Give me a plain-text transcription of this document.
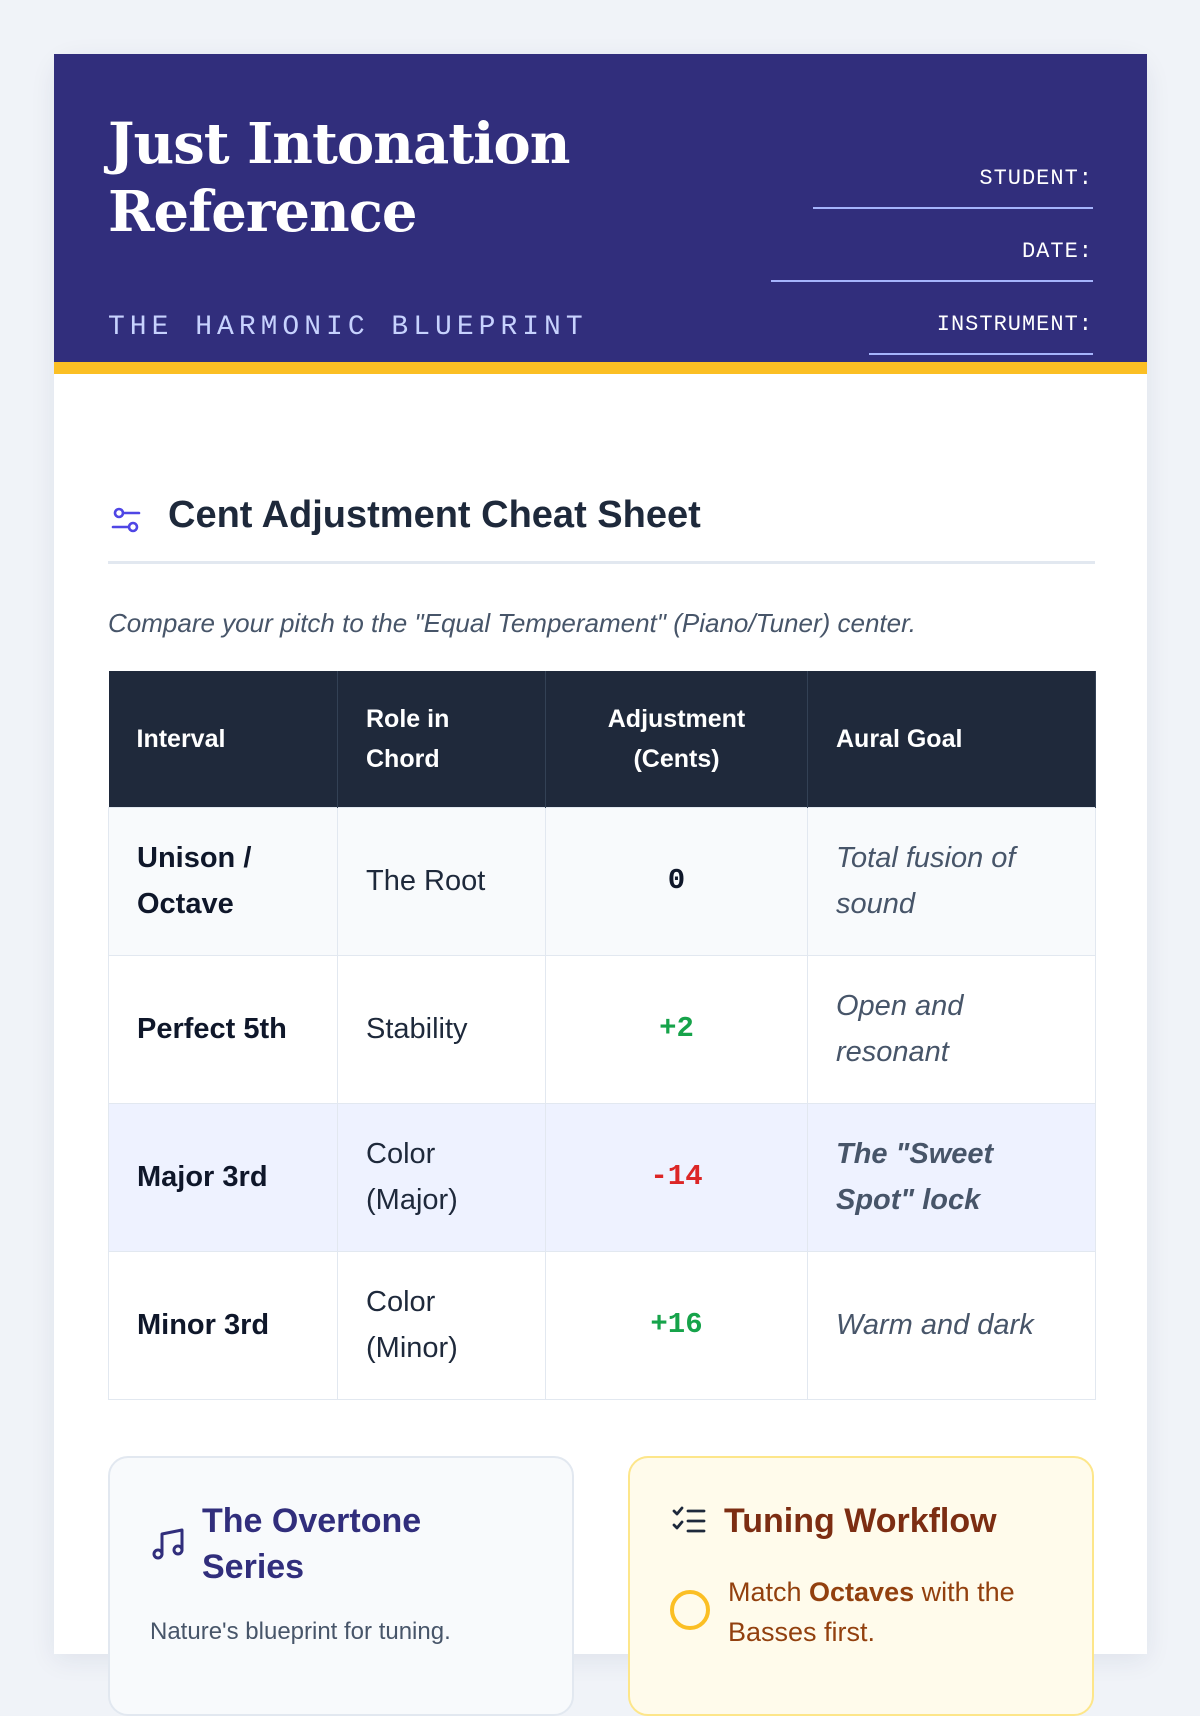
Just Intonation Reference
THE HARMONIC BLUEPRINT
STUDENT:
DATE:
INSTRUMENT:
Cent Adjustment Cheat Sheet
Compare your pitch to the "Equal Temperament" (Piano/Tuner) center.
Interval	Role in Chord	Adjustment (Cents)	Aural Goal
Unison / Octave	The Root	0	Total fusion of sound
Perfect 5th	Stability	+2	Open and resonant
Major 3rd	Color (Major)	-14	The "Sweet Spot" lock
Minor 3rd	Color (Minor)	+16	Warm and dark
The Overtone Series
Nature's blueprint for tuning.
Tuning Workflow
Match Octaves with the Basses first.
